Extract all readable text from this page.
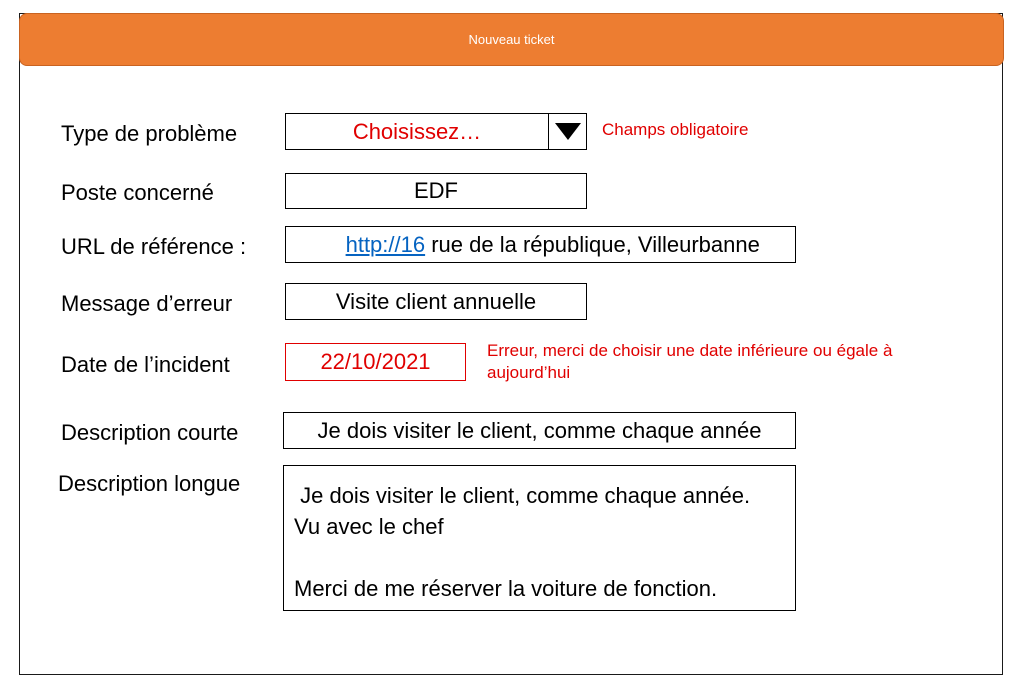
Nouveau ticket
Type de problème	Choisissez…	Champs obligatoire
Poste concerné	EDF
URL de référence :	http://16 rue de la république, Villeurbanne

Message d’erreur	Visite client annuelle
Date de l’incident	22/10/2021	Erreur, merci de choisir une date inférieure ou égale à
aujourd’hui
Description courte	Je dois visiter le client, comme chaque année
Description longue Je dois visiter le client, comme chaque année.
Vu avec le chef
Merci de me réserver la voiture de fonction.
